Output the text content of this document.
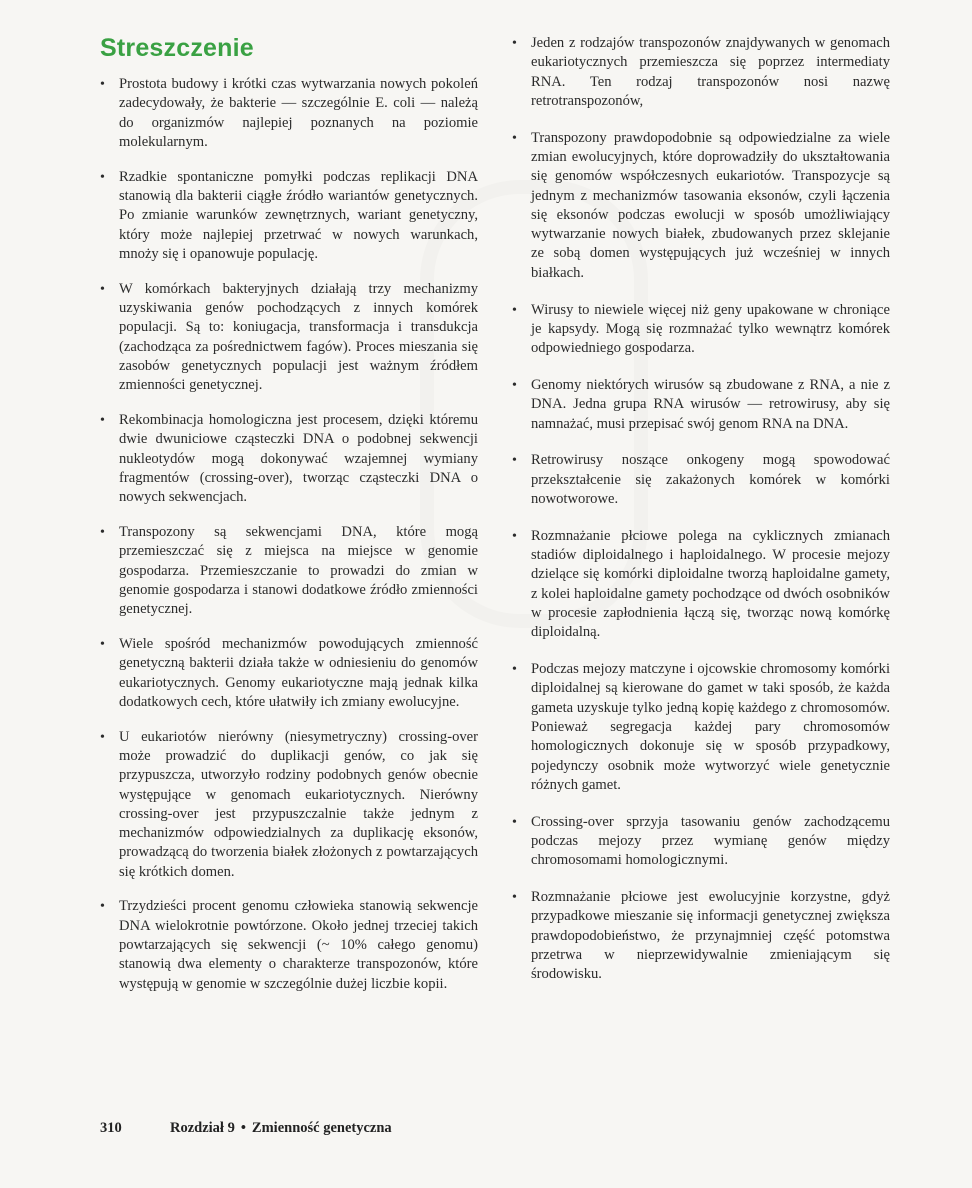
Streszczenie
• Prostota budowy i krótki czas wytwarzania nowych pokoleń zadecydowały, że bakterie — szczególnie E. coli — należą do organizmów najlepiej poznanych na poziomie molekularnym.
• Rzadkie spontaniczne pomyłki podczas replikacji DNA stanowią dla bakterii ciągłe źródło wariantów genetycznych. Po zmianie warunków zewnętrznych, wariant genetyczny, który może najlepiej przetrwać w nowych warunkach, mnoży się i opanowuje populację.
• W komórkach bakteryjnych działają trzy mechanizmy uzyskiwania genów pochodzących z innych komórek populacji. Są to: koniugacja, transformacja i transdukcja (zachodząca za pośrednictwem fagów). Proces mieszania się zasobów genetycznych populacji jest ważnym źródłem zmienności genetycznej.
• Rekombinacja homologiczna jest procesem, dzięki któremu dwie dwuniciowe cząsteczki DNA o podobnej sekwencji nukleotydów mogą dokonywać wzajemnej wymiany fragmentów (crossing-over), tworząc cząsteczki DNA o nowych sekwencjach.
• Transpozony są sekwencjami DNA, które mogą przemieszczać się z miejsca na miejsce w genomie gospodarza. Przemieszczanie to prowadzi do zmian w genomie gospodarza i stanowi dodatkowe źródło zmienności genetycznej.
• Wiele spośród mechanizmów powodujących zmienność genetyczną bakterii działa także w odniesieniu do genomów eukariotycznych. Genomy eukariotyczne mają jednak kilka dodatkowych cech, które ułatwiły ich zmiany ewolucyjne.
• U eukariotów nierówny (niesymetryczny) crossing-over może prowadzić do duplikacji genów, co jak się przypuszcza, utworzyło rodziny podobnych genów obecnie występujące w genomach eukariotycznych. Nierówny crossing-over jest przypuszczalnie także jednym z mechanizmów odpowiedzialnych za duplikację eksonów, prowadzącą do tworzenia białek złożonych z powtarzających się krótkich domen.
• Trzydzieści procent genomu człowieka stanowią sekwencje DNA wielokrotnie powtórzone. Około jednej trzeciej takich powtarzających się sekwencji (~ 10% całego genomu) stanowią dwa elementy o charakterze transpozonów, które występują w genomie w szczególnie dużej liczbie kopii.
• Jeden z rodzajów transpozonów znajdywanych w genomach eukariotycznych przemieszcza się poprzez intermediaty RNA. Ten rodzaj transpozonów nosi nazwę retrotranspozonów,
• Transpozony prawdopodobnie są odpowiedzialne za wiele zmian ewolucyjnych, które doprowadziły do ukształtowania się genomów współczesnych eukariotów. Transpozycje są jednym z mechanizmów tasowania eksonów, czyli łączenia się eksonów podczas ewolucji w sposób umożliwiający wytwarzanie nowych białek, zbudowanych przez sklejanie ze sobą domen występujących już wcześniej w innych białkach.
• Wirusy to niewiele więcej niż geny upakowane w chroniące je kapsydy. Mogą się rozmnażać tylko wewnątrz komórek odpowiedniego gospodarza.
• Genomy niektórych wirusów są zbudowane z RNA, a nie z DNA. Jedna grupa RNA wirusów — retrowirusy, aby się namnażać, musi przepisać swój genom RNA na DNA.
• Retrowirusy noszące onkogeny mogą spowodować przekształcenie się zakażonych komórek w komórki nowotworowe.
• Rozmnażanie płciowe polega na cyklicznych zmianach stadiów diploidalnego i haploidalnego. W procesie mejozy dzielące się komórki diploidalne tworzą haploidalne gamety, z kolei haploidalne gamety pochodzące od dwóch osobników w procesie zapłodnienia łączą się, tworząc nową komórkę diploidalną.
• Podczas mejozy matczyne i ojcowskie chromosomy komórki diploidalnej są kierowane do gamet w taki sposób, że każda gameta uzyskuje tylko jedną kopię każdego z chromosomów. Ponieważ segregacja każdej pary chromosomów homologicznych dokonuje się w sposób przypadkowy, pojedynczy osobnik może wytworzyć wiele genetycznie różnych gamet.
• Crossing-over sprzyja tasowaniu genów zachodzącemu podczas mejozy przez wymianę genów między chromosomami homologicznymi.
• Rozmnażanie płciowe jest ewolucyjnie korzystne, gdyż przypadkowe mieszanie się informacji genetycznej zwiększa prawdopodobieństwo, że przynajmniej część potomstwa przetrwa w nieprzewidywalnie zmieniającym się środowisku.
310	Rozdział 9 • Zmienność genetyczna
